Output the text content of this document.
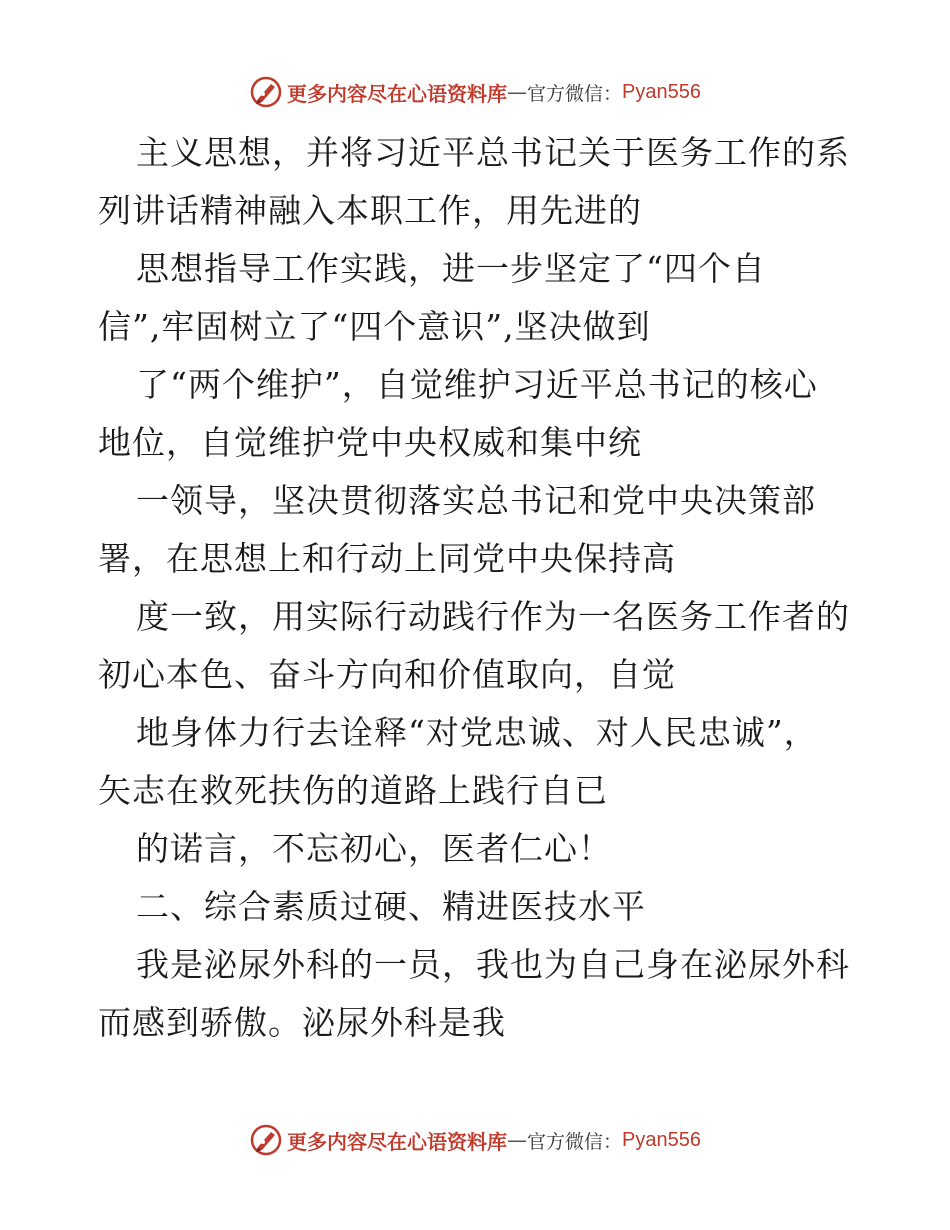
更多内容尽在心语资料库 — 官方微信： Pyan556
主义思想，并将习近平总书记关于医务工作的系
列讲话精神融入本职工作，用先进的
思想指导工作实践，进一步坚定了“四个自
信”,牢固树立了“四个意识”,坚决做到
了“两个维护”，自觉维护习近平总书记的核心
地位，自觉维护党中央权威和集中统
一领导，坚决贯彻落实总书记和党中央决策部
署，在思想上和行动上同党中央保持高
度一致，用实际行动践行作为一名医务工作者的
初心本色、奋斗方向和价值取向，自觉
地身体力行去诠释“对党忠诚、对人民忠诚”，
矢志在救死扶伤的道路上践行自已
的诺言，不忘初心，医者仁心！
二、综合素质过硬、精进医技水平
我是泌尿外科的一员，我也为自己身在泌尿外科
而感到骄傲。泌尿外科是我
更多内容尽在心语资料库 — 官方微信： Pyan556
